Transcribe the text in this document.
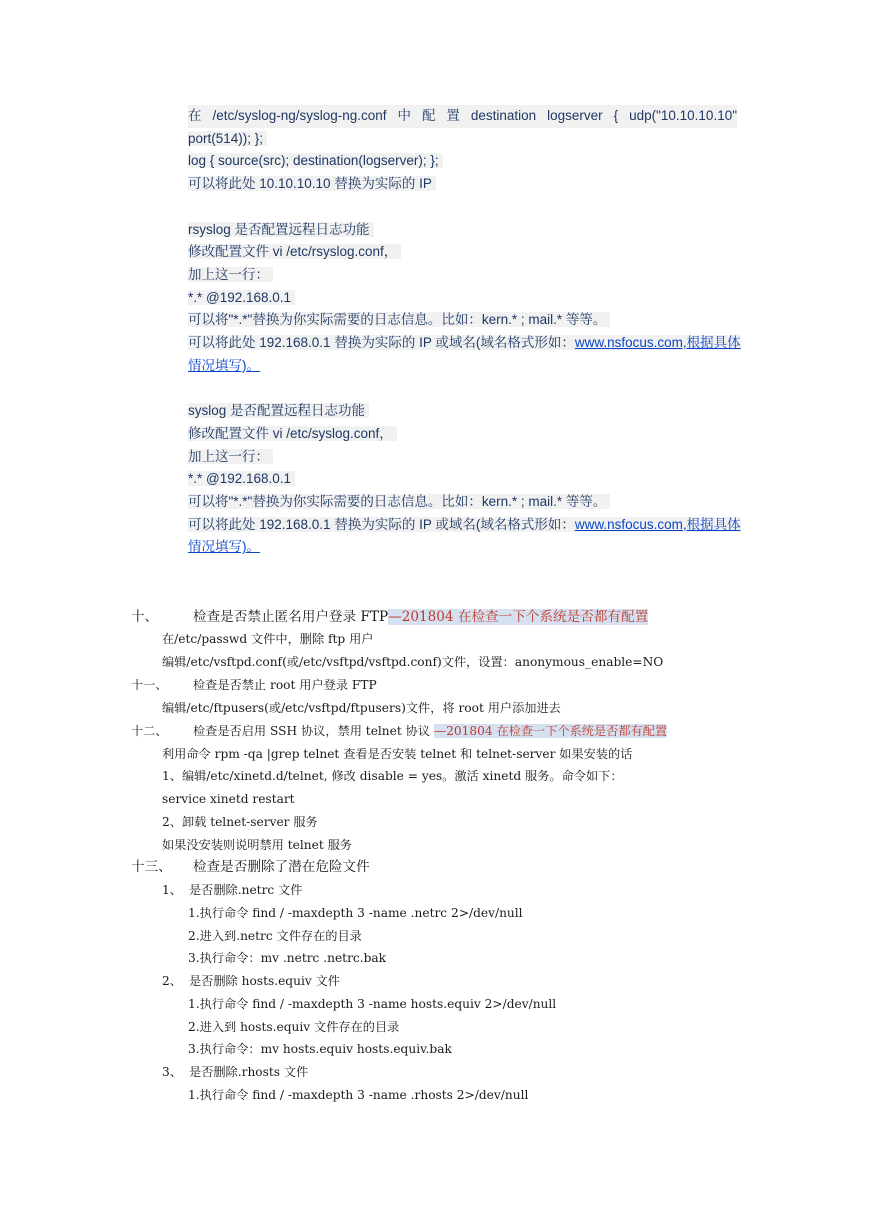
在 /etc/syslog-ng/syslog-ng.conf 中 配 置 destination logserver { udp("10.10.10.10"
port(514)); };
log { source(src); destination(logserver); };
可以将此处 10.10.10.10 替换为实际的 IP
rsyslog 是否配置远程日志功能
修改配置文件 vi /etc/rsyslog.conf，
加上这一行：
*.* @192.168.0.1
可以将"*.*"替换为你实际需要的日志信息。比如：kern.* ; mail.* 等等。
可以将此处 192.168.0.1 替换为实际的 IP 或域名(域名格式形如：www.nsfocus.com,根据具体
情况填写)。
syslog 是否配置远程日志功能
修改配置文件 vi /etc/syslog.conf，
加上这一行：
*.* @192.168.0.1
可以将"*.*"替换为你实际需要的日志信息。比如：kern.* ; mail.* 等等。
可以将此处 192.168.0.1 替换为实际的 IP 或域名(域名格式形如：www.nsfocus.com,根据具体
情况填写)。
十、	检查是否禁止匿名用户登录 FTP—201804 在检查一下个系统是否都有配置
在/etc/passwd 文件中，删除 ftp 用户
编辑/etc/vsftpd.conf(或/etc/vsftpd/vsftpd.conf)文件，设置：anonymous_enable=NO
十一、 检查是否禁止 root 用户登录 FTP
编辑/etc/ftpusers(或/etc/vsftpd/ftpusers)文件，将 root 用户添加进去
十二、 检查是否启用 SSH 协议，禁用 telnet 协议 —201804 在检查一下个系统是否都有配置
利用命令 rpm -qa |grep telnet 查看是否安装 telnet 和 telnet-server 如果安装的话
1、编辑/etc/xinetd.d/telnet, 修改 disable = yes。激活 xinetd 服务。命令如下：
service xinetd restart
2、卸载 telnet-server 服务
如果没安装则说明禁用 telnet 服务
十三、 检查是否删除了潜在危险文件
1、 是否删除.netrc 文件
1.执行命令 find / -maxdepth 3 -name .netrc 2>/dev/null
2.进入到.netrc 文件存在的目录
3.执行命令：mv .netrc .netrc.bak
2、 是否删除 hosts.equiv 文件
1.执行命令 find / -maxdepth 3 -name hosts.equiv 2>/dev/null
2.进入到 hosts.equiv 文件存在的目录
3.执行命令：mv hosts.equiv hosts.equiv.bak
3、 是否删除.rhosts 文件
1.执行命令 find / -maxdepth 3 -name .rhosts 2>/dev/null
